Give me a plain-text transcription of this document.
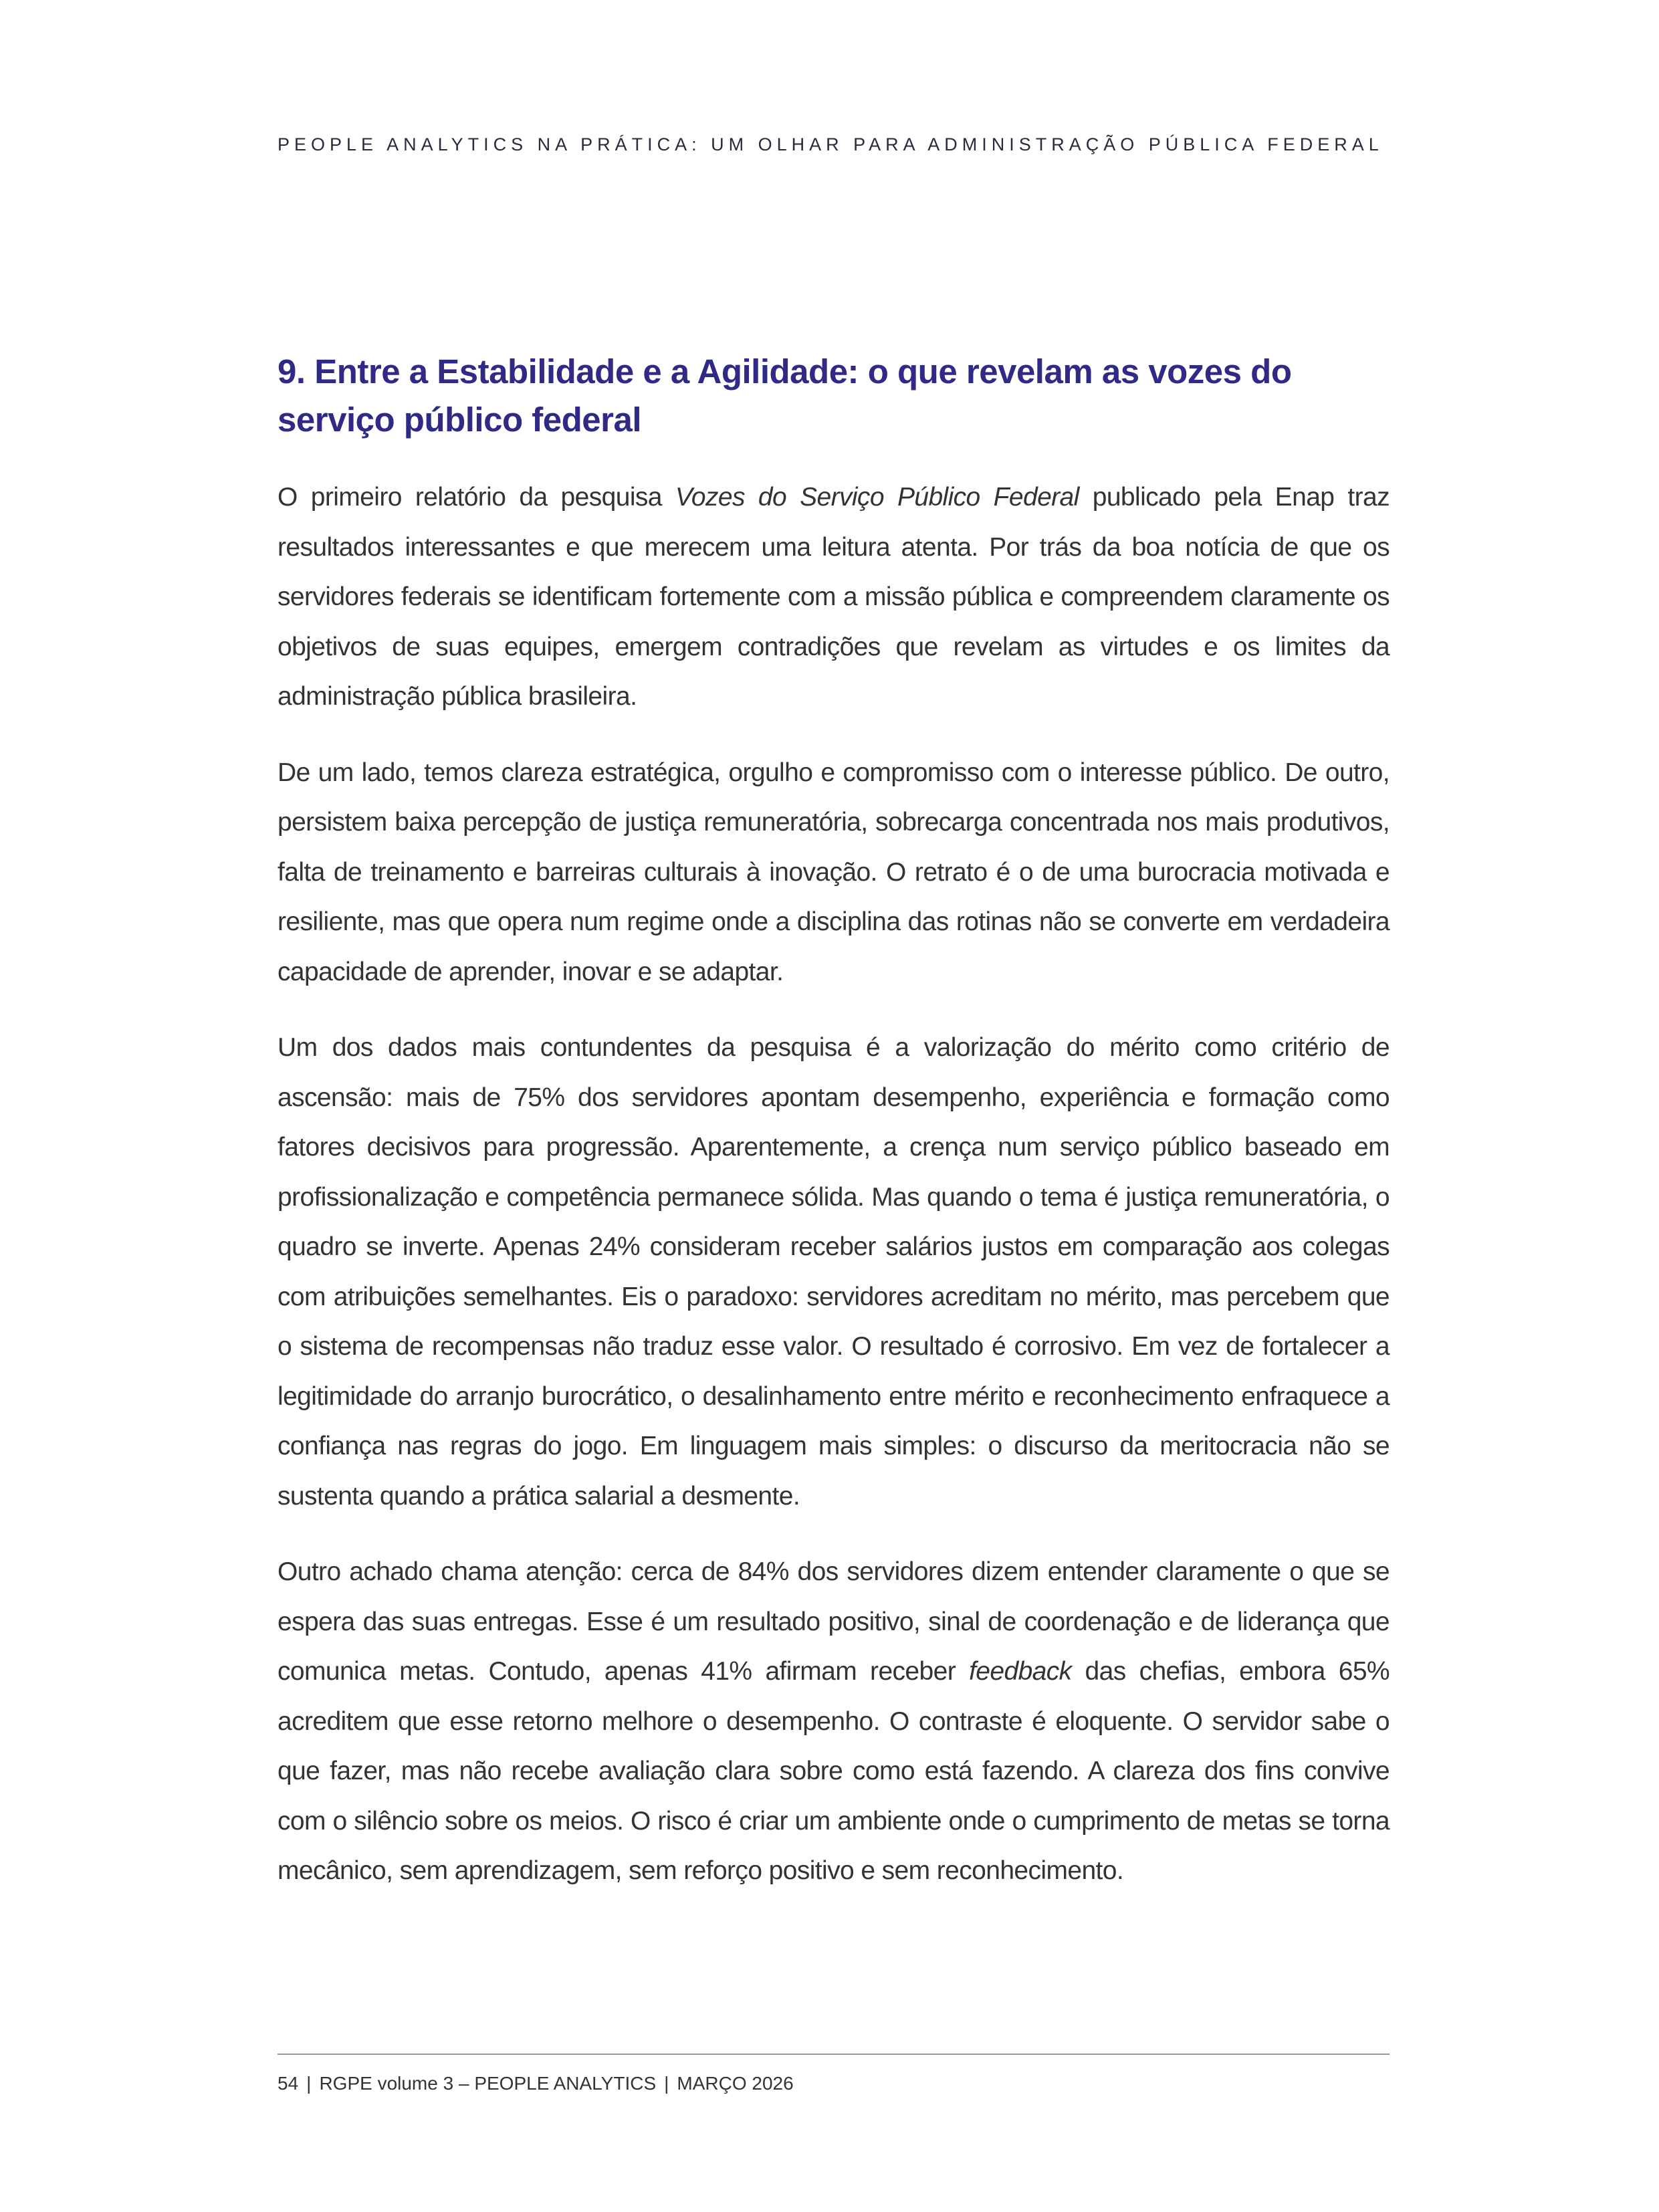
PEOPLE ANALYTICS NA PRÁTICA: UM OLHAR PARA ADMINISTRAÇÃO PÚBLICA FEDERAL
9. Entre a Estabilidade e a Agilidade: o que revelam as vozes do serviço público federal

O primeiro relatório da pesquisa Vozes do Serviço Público Federal publicado pela Enap traz resultados interessantes e que merecem uma leitura atenta. Por trás da boa notícia de que os servidores federais se identificam fortemente com a missão pública e compreendem claramente os objetivos de suas equipes, emergem contradições que revelam as virtudes e os limites da administração pública brasileira.

De um lado, temos clareza estratégica, orgulho e compromisso com o interesse público. De outro, persistem baixa percepção de justiça remuneratória, sobrecarga concentrada nos mais produtivos, falta de treinamento e barreiras culturais à inovação. O retrato é o de uma burocracia motivada e resiliente, mas que opera num regime onde a disciplina das rotinas não se converte em verdadeira capacidade de aprender, inovar e se adaptar.

Um dos dados mais contundentes da pesquisa é a valorização do mérito como critério de ascensão: mais de 75% dos servidores apontam desempenho, experiência e formação como fatores decisivos para progressão. Aparentemente, a crença num serviço público baseado em profissionalização e competência permanece sólida. Mas quando o tema é justiça remuneratória, o quadro se inverte. Apenas 24% consideram receber salários justos em comparação aos colegas com atribuições semelhantes. Eis o paradoxo: servidores acreditam no mérito, mas percebem que o sistema de recompensas não traduz esse valor. O resultado é corrosivo. Em vez de fortalecer a legitimidade do arranjo burocrático, o desalinhamento entre mérito e reconhecimento enfraquece a confiança nas regras do jogo. Em linguagem mais simples: o discurso da meritocracia não se sustenta quando a prática salarial a desmente.

Outro achado chama atenção: cerca de 84% dos servidores dizem entender claramente o que se espera das suas entregas. Esse é um resultado positivo, sinal de coordenação e de liderança que comunica metas. Contudo, apenas 41% afirmam receber feedback das chefias, embora 65% acreditem que esse retorno melhore o desempenho. O contraste é eloquente. O servidor sabe o que fazer, mas não recebe avaliação clara sobre como está fazendo. A clareza dos fins convive com o silêncio sobre os meios. O risco é criar um ambiente onde o cumprimento de metas se torna mecânico, sem aprendizagem, sem reforço positivo e sem reconhecimento.

54 | RGPE volume 3 – PEOPLE ANALYTICS | MARÇO 2026
